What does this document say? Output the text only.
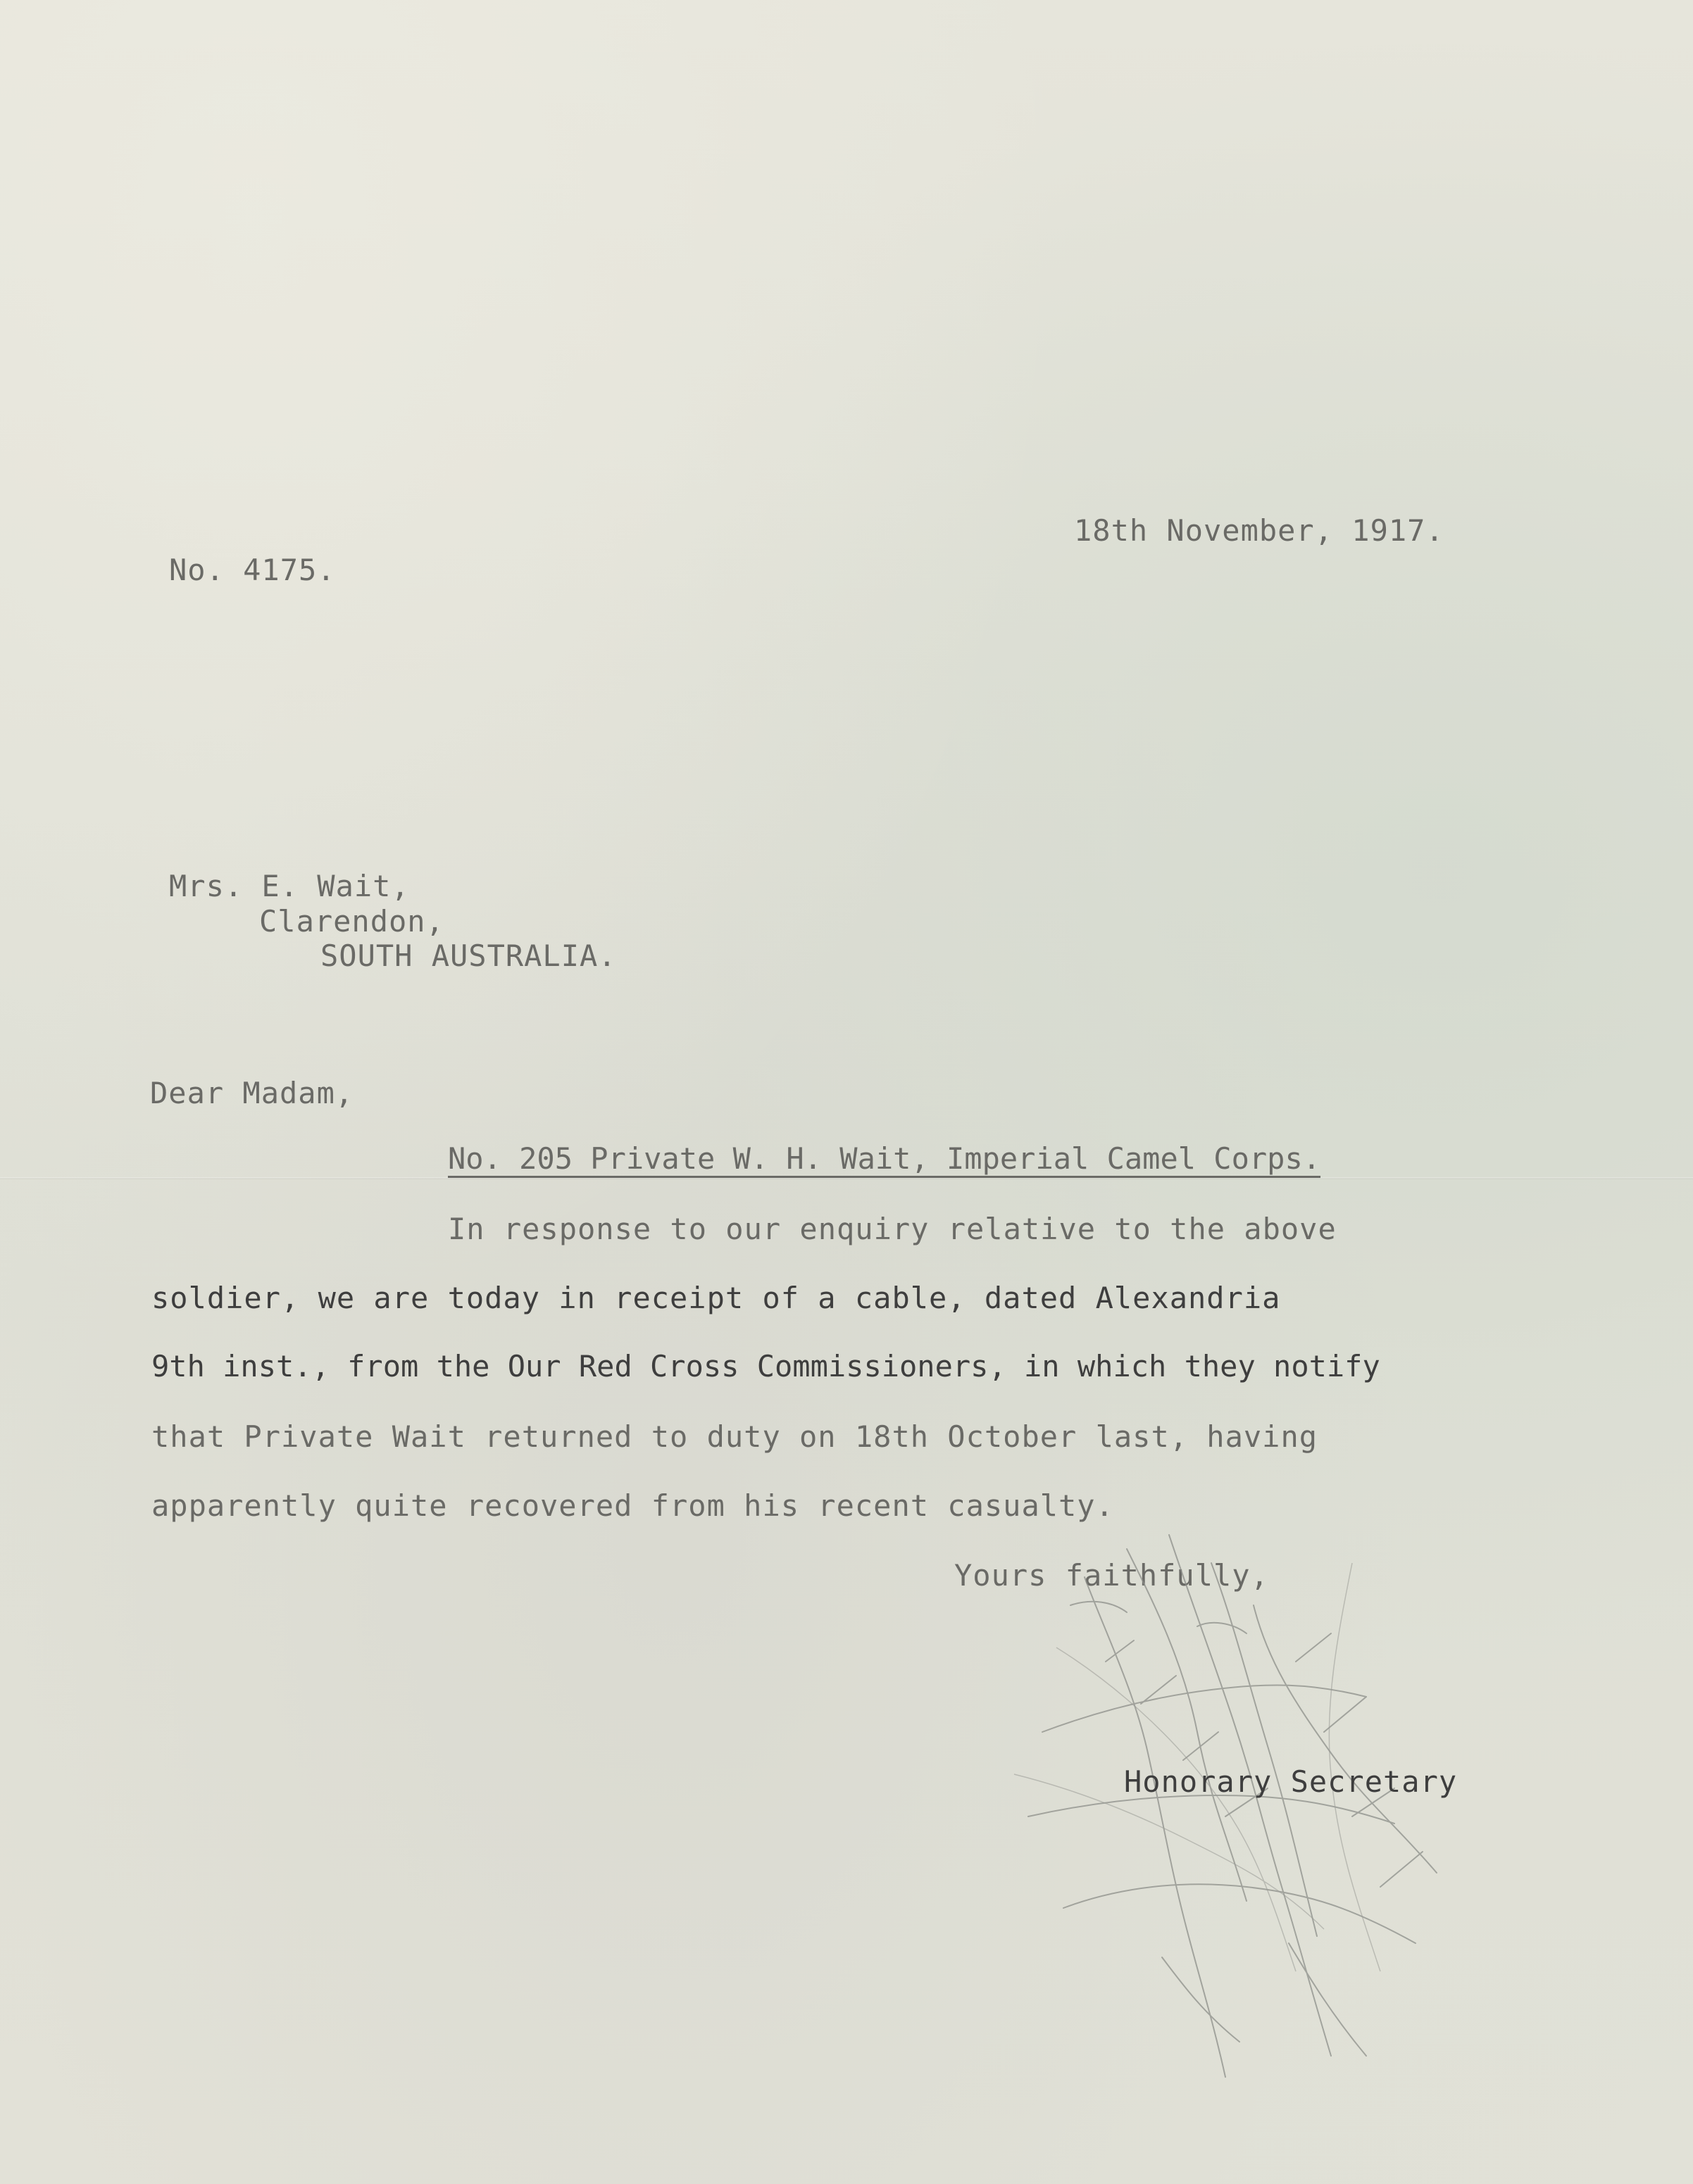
18th November, 1917.
No. 4175.
Mrs. E. Wait,
Clarendon,
SOUTH AUSTRALIA.
Dear Madam,
No. 205 Private W. H. Wait, Imperial Camel Corps.
In response to our enquiry relative to the above
soldier, we are today in receipt of a cable, dated Alexandria
9th inst., from the Our Red Cross Commissioners, in which they notify
that Private Wait returned to duty on 18th October last, having
apparently quite recovered from his recent casualty.
Yours faithfully,
Honorary Secretary
